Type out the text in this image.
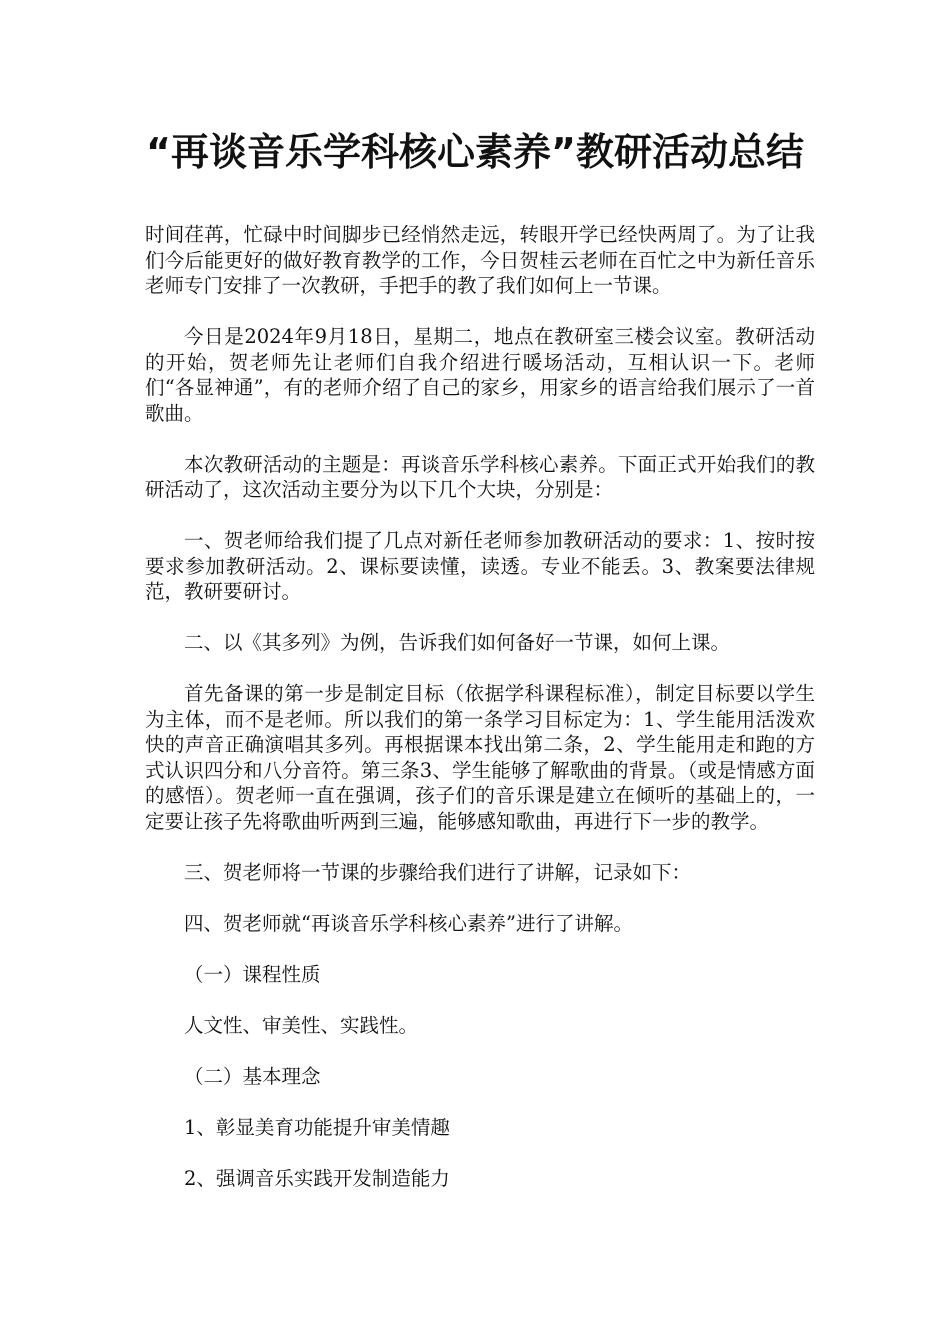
“再谈音乐学科核心素养”教研活动总结

时间荏苒，忙碌中时间脚步已经悄然走远，转眼开学已经快两周了。为了让我们今后能更好的做好教育教学的工作，今日贺桂云老师在百忙之中为新任音乐老师专门安排了一次教研，手把手的教了我们如何上一节课。

今日是2024年9月18日，星期二，地点在教研室三楼会议室。教研活动的开始，贺老师先让老师们自我介绍进行暖场活动，互相认识一下。老师们“各显神通”，有的老师介绍了自己的家乡，用家乡的语言给我们展示了一首歌曲。

本次教研活动的主题是：再谈音乐学科核心素养。下面正式开始我们的教研活动了，这次活动主要分为以下几个大块，分别是：

一、贺老师给我们提了几点对新任老师参加教研活动的要求：1、按时按要求参加教研活动。2、课标要读懂，读透。专业不能丢。3、教案要法律规范，教研要研讨。

二、以《其多列》为例，告诉我们如何备好一节课，如何上课。

首先备课的第一步是制定目标（依据学科课程标准），制定目标要以学生为主体，而不是老师。所以我们的第一条学习目标定为：1、学生能用活泼欢快的声音正确演唱其多列。再根据课本找出第二条，2、学生能用走和跑的方式认识四分和八分音符。第三条3、学生能够了解歌曲的背景。（或是情感方面的感悟）。贺老师一直在强调，孩子们的音乐课是建立在倾听的基础上的，一定要让孩子先将歌曲听两到三遍，能够感知歌曲，再进行下一步的教学。

三、贺老师将一节课的步骤给我们进行了讲解，记录如下：

四、贺老师就“再谈音乐学科核心素养”进行了讲解。

（一）课程性质

人文性、审美性、实践性。

（二）基本理念

1、彰显美育功能提升审美情趣

2、强调音乐实践开发制造能力
